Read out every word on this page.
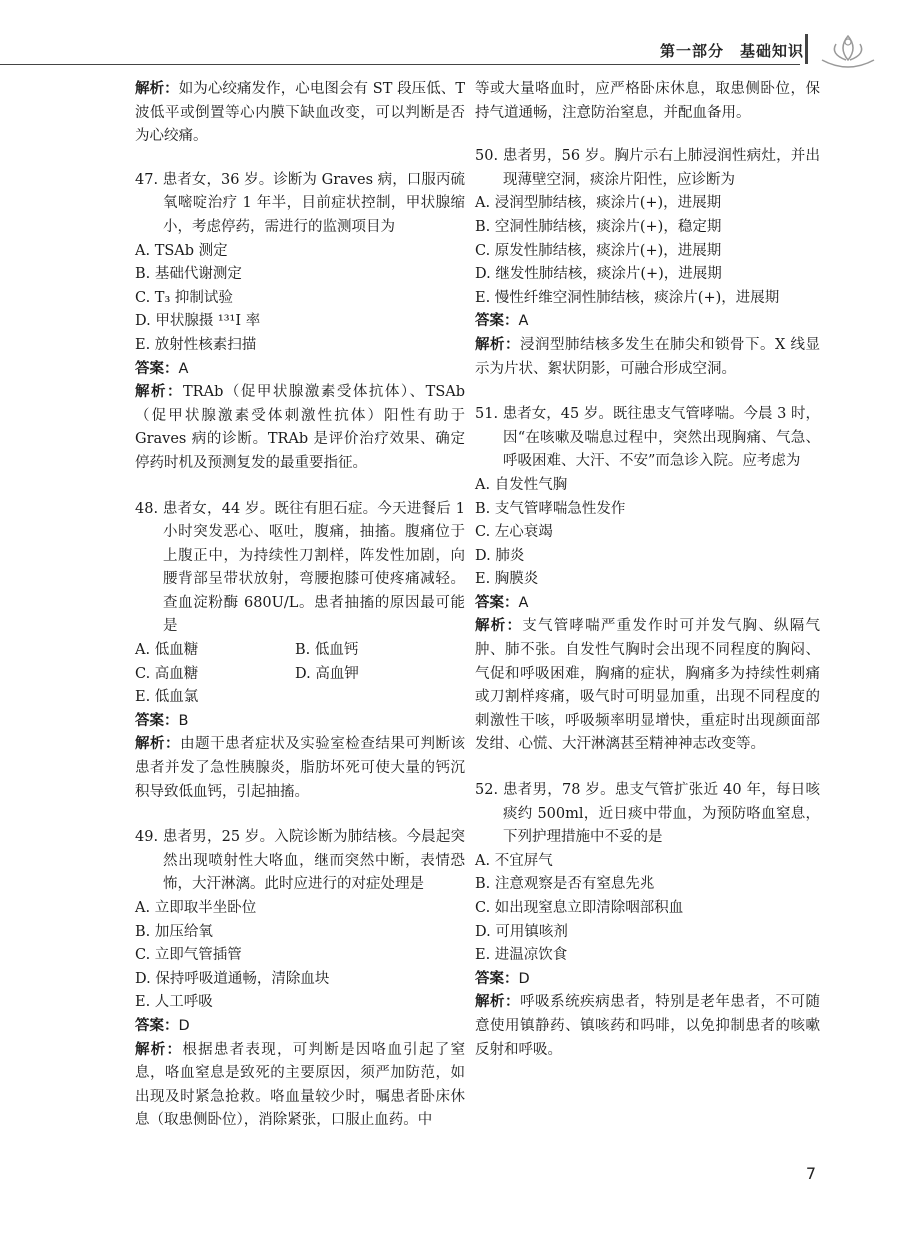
第一部分　基础知识
解析：如为心绞痛发作，心电图会有 ST 段压低、T 波低平或倒置等心内膜下缺血改变，可以判断是否为心绞痛。
47. 患者女，36 岁。诊断为 Graves 病，口服丙硫氧嘧啶治疗 1 年半，目前症状控制，甲状腺缩小，考虑停药，需进行的监测项目为
A. TSAb 测定
B. 基础代谢测定
C. T₃ 抑制试验
D. 甲状腺摄 ¹³¹I 率
E. 放射性核素扫描
答案：A
解析：TRAb（促甲状腺激素受体抗体）、TSAb（促甲状腺激素受体刺激性抗体）阳性有助于 Graves 病的诊断。TRAb 是评价治疗效果、确定停药时机及预测复发的最重要指征。
48. 患者女，44 岁。既往有胆石症。今天进餐后 1 小时突发恶心、呕吐，腹痛，抽搐。腹痛位于上腹正中，为持续性刀割样，阵发性加剧，向腰背部呈带状放射，弯腰抱膝可使疼痛减轻。查血淀粉酶 680U/L。患者抽搐的原因最可能是
A. 低血糖	B. 低血钙
C. 高血糖	D. 高血钾
E. 低血氯
答案：B
解析：由题干患者症状及实验室检查结果可判断该患者并发了急性胰腺炎，脂肪坏死可使大量的钙沉积导致低血钙，引起抽搐。
49. 患者男，25 岁。入院诊断为肺结核。今晨起突然出现喷射性大咯血，继而突然中断，表情恐怖，大汗淋漓。此时应进行的对症处理是
A. 立即取半坐卧位
B. 加压给氧
C. 立即气管插管
D. 保持呼吸道通畅，清除血块
E. 人工呼吸
答案：D
解析：根据患者表现，可判断是因咯血引起了窒息，咯血窒息是致死的主要原因，须严加防范，如出现及时紧急抢救。咯血量较少时，嘱患者卧床休息（取患侧卧位），消除紧张，口服止血药。中
等或大量咯血时，应严格卧床休息，取患侧卧位，保持气道通畅，注意防治窒息，并配血备用。
50. 患者男，56 岁。胸片示右上肺浸润性病灶，并出现薄壁空洞，痰涂片阳性，应诊断为
A. 浸润型肺结核，痰涂片(+)，进展期
B. 空洞性肺结核，痰涂片(+)，稳定期
C. 原发性肺结核，痰涂片(+)，进展期
D. 继发性肺结核，痰涂片(+)，进展期
E. 慢性纤维空洞性肺结核，痰涂片(+)，进展期
答案：A
解析：浸润型肺结核多发生在肺尖和锁骨下。X 线显示为片状、絮状阴影，可融合形成空洞。
51. 患者女，45 岁。既往患支气管哮喘。今晨 3 时，因“在咳嗽及喘息过程中，突然出现胸痛、气急、呼吸困难、大汗、不安”而急诊入院。应考虑为
A. 自发性气胸
B. 支气管哮喘急性发作
C. 左心衰竭
D. 肺炎
E. 胸膜炎
答案：A
解析：支气管哮喘严重发作时可并发气胸、纵隔气肿、肺不张。自发性气胸时会出现不同程度的胸闷、气促和呼吸困难，胸痛的症状，胸痛多为持续性刺痛或刀割样疼痛，吸气时可明显加重，出现不同程度的刺激性干咳，呼吸频率明显增快，重症时出现颜面部发绀、心慌、大汗淋漓甚至精神神志改变等。
52. 患者男，78 岁。患支气管扩张近 40 年，每日咳痰约 500ml，近日痰中带血，为预防咯血窒息，下列护理措施中不妥的是
A. 不宜屏气
B. 注意观察是否有窒息先兆
C. 如出现窒息立即清除咽部积血
D. 可用镇咳剂
E. 进温凉饮食
答案：D
解析：呼吸系统疾病患者，特别是老年患者，不可随意使用镇静药、镇咳药和吗啡，以免抑制患者的咳嗽反射和呼吸。
7
